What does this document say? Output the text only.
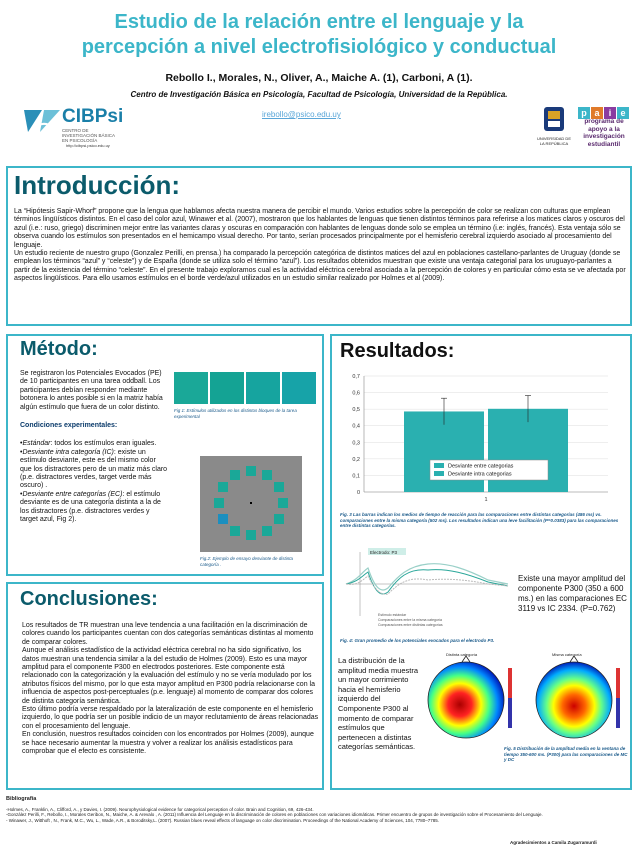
Estudio de la relación entre el lenguaje y la
percepción a nivel electrofisiológico y conductual
Rebollo I., Morales, N., Oliver, A., Maiche A. (1), Carboni, A (1).
Centro de Investigación Básica en Psicología, Facultad de Psicología, Universidad de la República.
irebollo@psico.edu.uy
CIBPsi
CENTRO DE INVESTIGACIÓN BÁSICA EN PSICOLOGÍA
http://cibpsi.psico.edu.uy
UNIVERSIDAD DE LA REPÚBLICA
p a i e
programa de apoyo a la investigación estudiantil
Introducción:
La “Hipótesis Sapir-Whorf” propone que la lengua que hablamos afecta nuestra manera de percibir el mundo. Varios estudios sobre la percepción de color se realizan con culturas que emplean términos lingüísticos distintos. En el caso del color azul, Winawer et al. (2007), mostraron que los hablantes de lenguas que tienen distintos términos para referirse a los matices claros y oscuros del azul (i.e.: ruso, griego) discriminen mejor entre las variantes claras y oscuras en comparación con hablantes de lenguas donde solo se emplea un término (i.e: inglés, francés). Esta ventaja sólo se observa cuando los estímulos son presentados en el hemicampo visual derecho. Por tanto, serían procesados principalmente por el hemisferio cerebral izquierdo asociado al procesamiento del lenguaje.
Un estudio reciente de nuestro grupo (Gonzalez Perilli, en prensa.) ha comparado la percepción categórica de distintos matices del azul en poblaciones castellano-parlantes de Uruguay (donde se emplean los términos “azul” y “celeste”) y de España (donde se utiliza solo el término “azul”). Los resultados obtenidos muestran que existe una ventaja categorial para los uruguayo-parlantes a partir de la existencia del término “celeste”. En el presente trabajo exploramos cual es la actividad eléctrica cerebral asociada a la percepción de colores y en particular cómo esta se ve afectada por aspectos lingüísticos. Para ello usamos estímulos en el borde verde/azul utilizados en un estudio similar realizado por Holmes et al (2009).
Método:
Se registraron los Potenciales Evocados (PE) de 10 participantes en una tarea oddball. Los participantes debían responder mediante botonera lo antes posible si en la matriz había algún estímulo que fuera de un color distinto.
Condiciones experimentales:
•Estándar: todos los estímulos eran iguales.
•Desviante intra categoría (IC): existe un estímulo desviante, este es del mismo color que los distractores pero de un matiz más claro (p.e. distractores verdes, target verde más oscuro) .
•Desviante entre categorías (EC): el estímulo desviante es de una categoría distinta a la de los distractores (p.e. distractores verdes y target azul, Fig 2).
Fig 1: Estímulos utilizados en los distintos bloques de la tarea experimental
Fig.2: Ejemplo de ensayo desviante de distinta categoría .
Resultados:
0
0,1
0,2
0,3
0,4
0,5
0,6
0,7
1
Desviante entre categorias
Desviante intra categorias
Fig. 3 Las barras indican los medios de tiempo de reacción para las comparaciones entre distintas categorías (486 ms) vs. comparaciones entre la misma categoría (502 ms). Los resultados indican una leve facilitación (P=0.0383) para las comparaciones entre distintas categorías.
Electrodo: P3
Estímulo estándar
Comparaciones entre la misma categoría
Comparaciones entre distintas categorías
Existe una mayor amplitud del componente P300 (350 a 600 ms.) en las comparaciones EC 3119 vs IC 2334. (P=0.762)
Fig. 4: Gran promedio de los potenciales evocados para el electrodo P3.
La distribución de la amplitud media muestra un mayor corrimiento hacia el hemisferio izquierdo del Componente P300 al momento de comparar estímulos que pertenecen a distintas categorías semánticas.
Distinta categoría	Misma categoría
Fig. 5 Distribución de la amplitud media en la ventana de tiempo 350-600 ms. (P300) para las comparaciones de MC y DC
Conclusiones:
Los resultados de TR muestran una leve tendencia a una facilitación en la discriminación de colores cuando los participantes cuentan con dos categorías semánticas distintas al momento de comparar colores.
Aunque el análisis estadístico de la actividad eléctrica cerebral no ha sido significativo, los datos muestran una tendencia similar a la del estudio de Holmes (2009). Esto es una mayor amplitud para el componente P300 en electrodos posteriores. Este componente está relacionado con la categorización y la evaluación del estímulo y no se vería modulado por los atributos físicos del mismo, por lo que esta mayor amplitud en P300 podría relacionarse con la influencia de aspectos post-perceptuales (p.e. lenguaje) al momento de comparar dos colores de distinta categoría semántica.
Esto último podría verse respaldado por la lateralización de este componente en el hemisferio izquierdo, lo que podría ser un posible indicio de un mayor reclutamiento de áreas relacionadas con el procesamiento del lenguaje.
En conclusión, nuestros resultados coinciden con los encontrados por Holmes (2009), aunque se hace necesario aumentar la muestra y volver a realizar los análisis estadísticos para comprobar que el efecto es consistente.
Bibliografía
-Holmes, A., Franklin, A., Clifford, A., y Davies, I. (2009). Neurophysiological evidence for categorical perception of color. Brain and Cognition, 69, 426-434.
-González Perilli, F., Rebollo, I., Morales Geribon, N., Maiche, A. & Arevalo , A. (2011) Influencia del Lenguaje en la discriminación de colores en poblaciones con variaciones idiomáticas. Primer encuentro de grupos de investigación sobre el Procesamiento del Lenguaje.
- Winawer, J., Witthoft , N., Frank, M.C., Wu, L., Wade, A.R., & Boroditsky,L. (2007). Russian blues reveal effects of language on color discrimination. Proceedings of the National Academy of Sciences, 104, 7780–7785.
Agradecimientos a Camila Zugarramurdi
